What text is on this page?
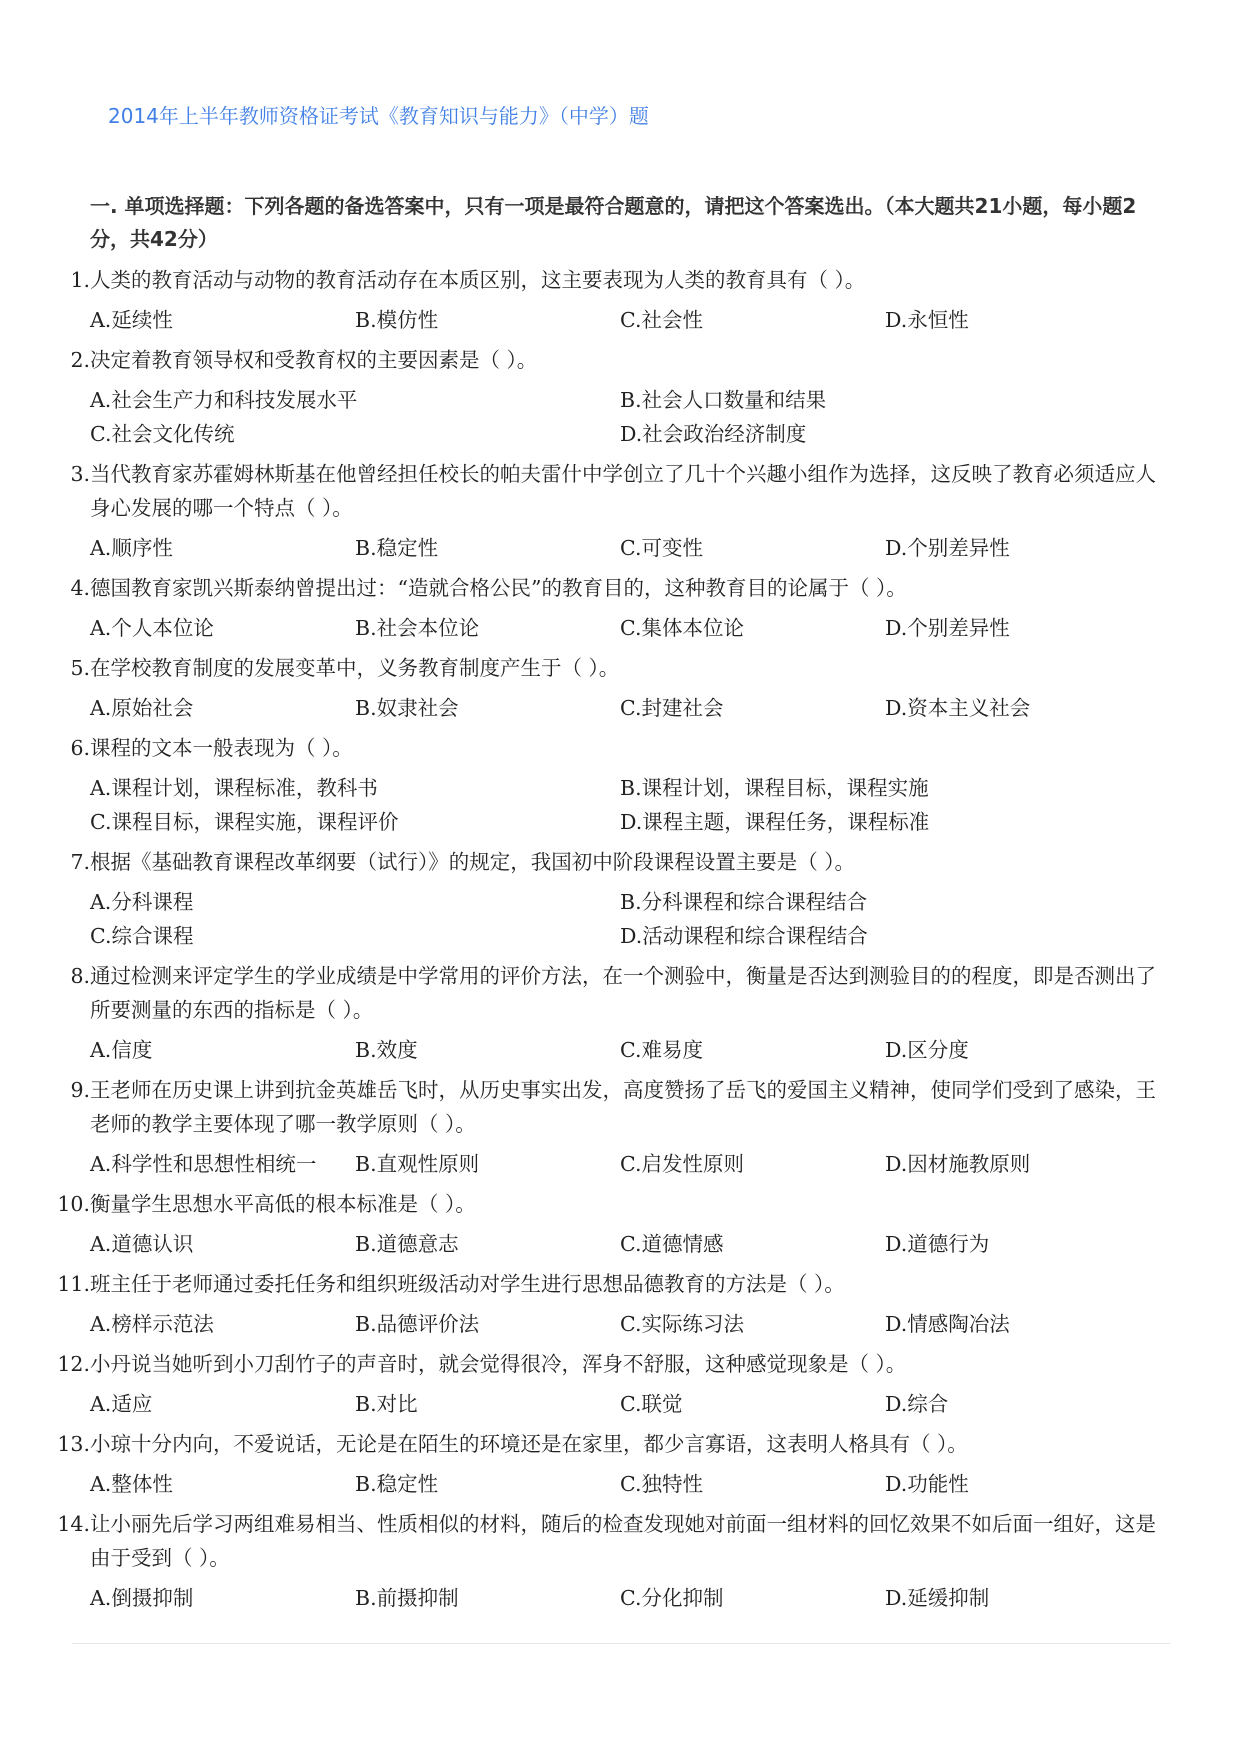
2014年上半年教师资格证考试《教育知识与能力》（中学）题
一. 单项选择题：下列各题的备选答案中，只有一项是最符合题意的，请把这个答案选出。（本大题共21小题，每小题2分，共42分）
1. 人类的教育活动与动物的教育活动存在本质区别，这主要表现为人类的教育具有（ ）。
A.延续性	B.模仿性	C.社会性	D.永恒性
2. 决定着教育领导权和受教育权的主要因素是（ ）。
A.社会生产力和科技发展水平	B.社会人口数量和结果
C.社会文化传统	D.社会政治经济制度
3. 当代教育家苏霍姆林斯基在他曾经担任校长的帕夫雷什中学创立了几十个兴趣小组作为选择，这反映了教育必须适应人身心发展的哪一个特点（ ）。
A.顺序性	B.稳定性	C.可变性	D.个别差异性
4. 德国教育家凯兴斯泰纳曾提出过：“造就合格公民”的教育目的，这种教育目的论属于（ ）。
A.个人本位论	B.社会本位论	C.集体本位论	D.个别差异性
5. 在学校教育制度的发展变革中，义务教育制度产生于（ ）。
A.原始社会	B.奴隶社会	C.封建社会	D.资本主义社会
6. 课程的文本一般表现为（ ）。
A.课程计划，课程标准，教科书	B.课程计划，课程目标，课程实施
C.课程目标，课程实施，课程评价	D.课程主题，课程任务，课程标准
7. 根据《基础教育课程改革纲要（试行）》的规定，我国初中阶段课程设置主要是（ ）。
A.分科课程	B.分科课程和综合课程结合
C.综合课程	D.活动课程和综合课程结合
8. 通过检测来评定学生的学业成绩是中学常用的评价方法，在一个测验中，衡量是否达到测验目的的程度，即是否测出了所要测量的东西的指标是（ ）。
A.信度	B.效度	C.难易度	D.区分度
9. 王老师在历史课上讲到抗金英雄岳飞时，从历史事实出发，高度赞扬了岳飞的爱国主义精神，使同学们受到了感染，王老师的教学主要体现了哪一教学原则（ ）。
A.科学性和思想性相统一	B.直观性原则	C.启发性原则	D.因材施教原则
10. 衡量学生思想水平高低的根本标准是（ ）。
A.道德认识	B.道德意志	C.道德情感	D.道德行为
11. 班主任于老师通过委托任务和组织班级活动对学生进行思想品德教育的方法是（ ）。
A.榜样示范法	B.品德评价法	C.实际练习法	D.情感陶冶法
12. 小丹说当她听到小刀刮竹子的声音时，就会觉得很冷，浑身不舒服，这种感觉现象是（ ）。
A.适应	B.对比	C.联觉	D.综合
13. 小琼十分内向，不爱说话，无论是在陌生的环境还是在家里，都少言寡语，这表明人格具有（ ）。
A.整体性	B.稳定性	C.独特性	D.功能性
14. 让小丽先后学习两组难易相当、性质相似的材料，随后的检查发现她对前面一组材料的回忆效果不如后面一组好，这是由于受到（ ）。
A.倒摄抑制	B.前摄抑制	C.分化抑制	D.延缓抑制
